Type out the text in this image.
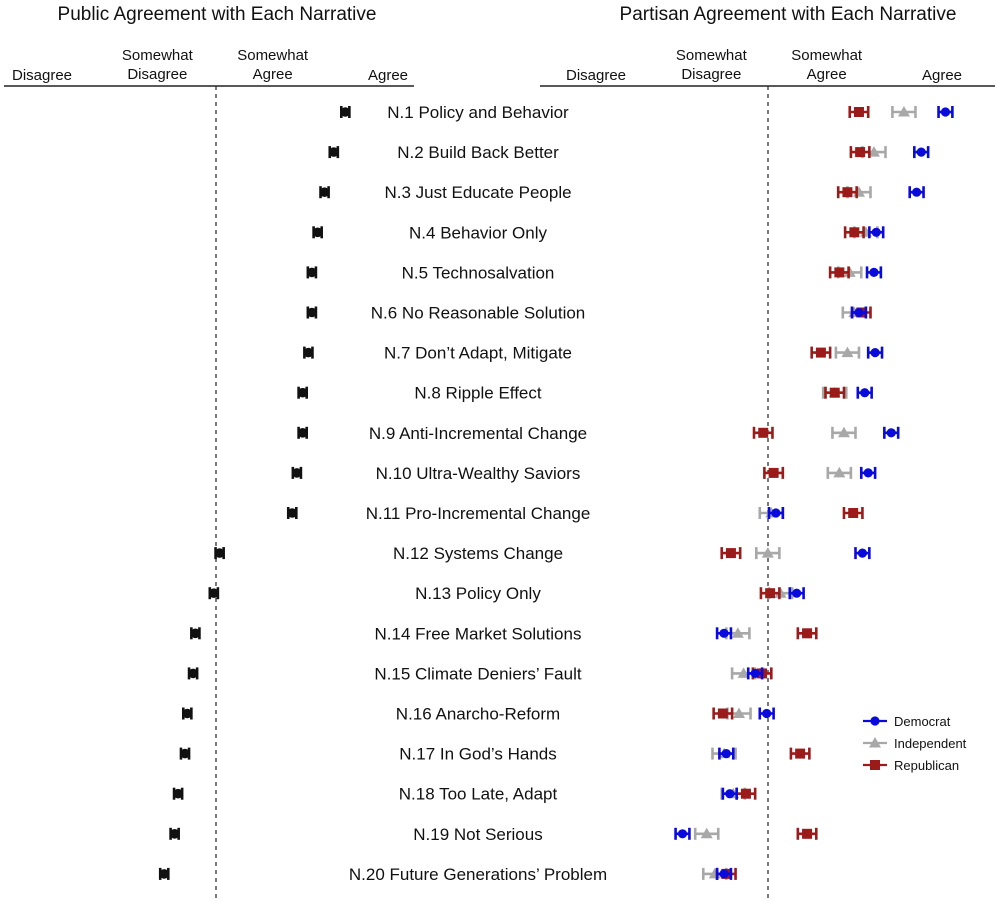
Public Agreement with Each Narrative	Partisan Agreement with Each Narrative
Disagree
Somewhat Disagree
Somewhat Agree	Agree	Disagree
Somewhat Disagree
Somewhat Agree	Agree
N.1 Policy and Behavior
N.2 Build Back Better
N.3 Just Educate People
N.4 Behavior Only
N.5 Technosalvation
N.6 No Reasonable Solution
N.7 Don’t Adapt, Mitigate
N.8 Ripple Effect
N.9 Anti-Incremental Change
N.10 Ultra-Wealthy Saviors
N.11 Pro-Incremental Change
N.12 Systems Change
N.13 Policy Only
N.14 Free Market Solutions
N.15 Climate Deniers’ Fault
N.16 Anarcho-Reform
N.17 In God’s Hands
N.18 Too Late, Adapt
N.19 Not Serious
N.20 Future Generations’ Problem
Democrat
Independent
Republican
